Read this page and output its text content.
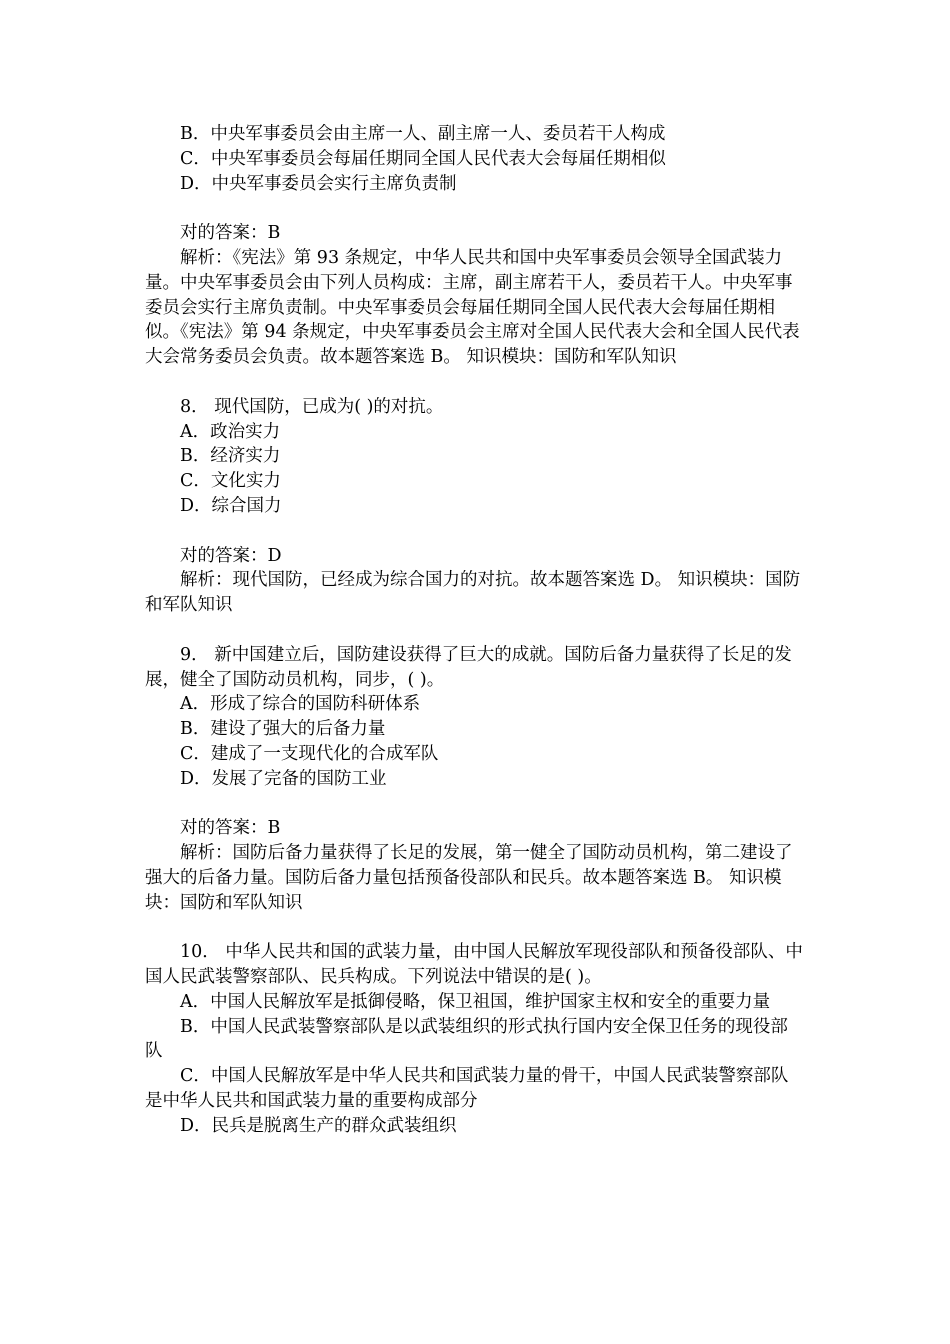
B．中央军事委员会由主席一人、副主席一人、委员若干人构成

C．中央军事委员会每届任期同全国人民代表大会每届任期相似

D．中央军事委员会实行主席负责制

对的答案：B

解析：《宪法》第 93 条规定，中华人民共和国中央军事委员会领导全国武装力量。中央军事委员会由下列人员构成：主席，副主席若干人，委员若干人。中央军事委员会实行主席负责制。中央军事委员会每届任期同全国人民代表大会每届任期相似。《宪法》第 94 条规定，中央军事委员会主席对全国人民代表大会和全国人民代表大会常务委员会负责。故本题答案选 B。 知识模块：国防和军队知识

8． 现代国防，已成为( )的对抗。

A．政治实力

B．经济实力

C．文化实力

D．综合国力

对的答案：D

解析：现代国防，已经成为综合国力的对抗。故本题答案选 D。 知识模块：国防和军队知识

9． 新中国建立后，国防建设获得了巨大的成就。国防后备力量获得了长足的发展，健全了国防动员机构，同步，( )。

A．形成了综合的国防科研体系

B．建设了强大的后备力量

C．建成了一支现代化的合成军队

D．发展了完备的国防工业

对的答案：B

解析：国防后备力量获得了长足的发展，第一健全了国防动员机构，第二建设了强大的后备力量。国防后备力量包括预备役部队和民兵。故本题答案选 B。 知识模块：国防和军队知识

10． 中华人民共和国的武装力量，由中国人民解放军现役部队和预备役部队、中国人民武装警察部队、民兵构成。下列说法中错误的是( )。

A．中国人民解放军是抵御侵略，保卫祖国，维护国家主权和安全的重要力量

B．中国人民武装警察部队是以武装组织的形式执行国内安全保卫任务的现役部队

C．中国人民解放军是中华人民共和国武装力量的骨干，中国人民武装警察部队是中华人民共和国武装力量的重要构成部分

D．民兵是脱离生产的群众武装组织
